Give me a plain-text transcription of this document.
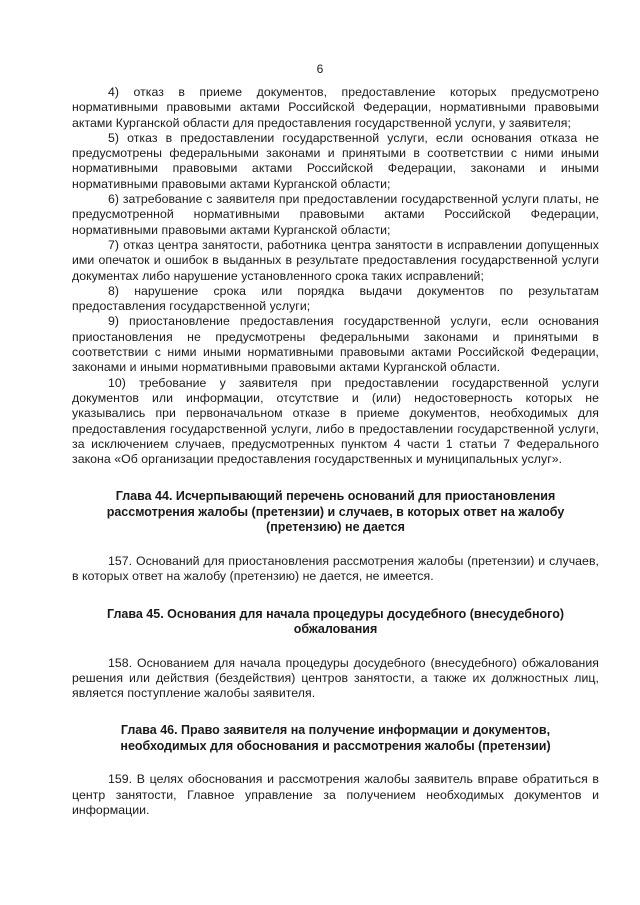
6

4) отказ в приеме документов, предоставление которых предусмотрено нормативными правовыми актами Российской Федерации, нормативными правовыми актами Курганской области для предоставления государственной услуги, у заявителя;

5) отказ в предоставлении государственной услуги, если основания отказа не предусмотрены федеральными законами и принятыми в соответствии с ними иными нормативными правовыми актами Российской Федерации, законами и иными нормативными правовыми актами Курганской области;

6) затребование с заявителя при предоставлении государственной услуги платы, не предусмотренной нормативными правовыми актами Российской Федерации, нормативными правовыми актами Курганской области;

7) отказ центра занятости, работника центра занятости в исправлении допущенных ими опечаток и ошибок в выданных в результате предоставления государственной услуги документах либо нарушение установленного срока таких исправлений;

8) нарушение срока или порядка выдачи документов по результатам предоставления государственной услуги;

9) приостановление предоставления государственной услуги, если основания приостановления не предусмотрены федеральными законами и принятыми в соответствии с ними иными нормативными правовыми актами Российской Федерации, законами и иными нормативными правовыми актами Курганской области.

10) требование у заявителя при предоставлении государственной услуги документов или информации, отсутствие и (или) недостоверность которых не указывались при первоначальном отказе в приеме документов, необходимых для предоставления государственной услуги, либо в предоставлении государственной услуги, за исключением случаев, предусмотренных пунктом 4 части 1 статьи 7 Федерального закона «Об организации предоставления государственных и муниципальных услуг».

Глава 44. Исчерпывающий перечень оснований для приостановления рассмотрения жалобы (претензии) и случаев, в которых ответ на жалобу (претензию) не дается

157. Оснований для приостановления рассмотрения жалобы (претензии) и случаев, в которых ответ на жалобу (претензию) не дается, не имеется.

Глава 45. Основания для начала процедуры досудебного (внесудебного) обжалования

158. Основанием для начала процедуры досудебного (внесудебного) обжалования решения или действия (бездействия) центров занятости, а также их должностных лиц, является поступление жалобы заявителя.

Глава 46. Право заявителя на получение информации и документов, необходимых для обоснования и рассмотрения жалобы (претензии)

159. В целях обоснования и рассмотрения жалобы заявитель вправе обратиться в центр занятости, Главное управление за получением необходимых документов и информации.
